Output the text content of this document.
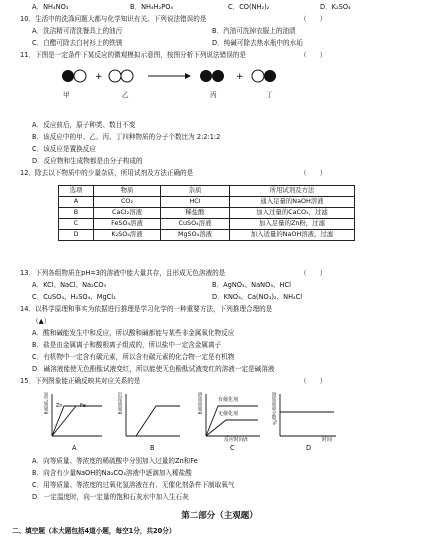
A．NH₄NO₃	B．NH₄H₂PO₄	C．CO(NH₂)₂	D．K₂SO₄
10．生活中的洗涤问题大都与化学知识有关。下列说法错误的是	（　　）
A．洗洁精可清洗餐具上的油污	B．汽油可洗掉衣服上的油渍
C．白醋可除去白衬衫上的铁锈	D．纯碱可除去热水瓶中的水垢
11．下图是一定条件下某反应的微观模拟示意图，按图分析下列说法错误的是	（　　）
+	+
甲	乙	丙	丁
A．反应前后，原子种类、数目不变
B．该反应中的甲、乙、丙、丁四种物质的分子个数比为 2:2:1:2
C．该反应是置换反应
D．反应物和生成物都是由分子构成的
12．除去以下物质中的少量杂质，所用试剂及方法正确的是	（　　）
选项	物质	杂质	所用试剂及方法
A	CO₂	HCl	通入足量的NaOH溶液
B	CaCl₂溶液	稀盐酸	加入过量的CaCO₃，过滤
C	FeSO₄溶液	CuSO₄溶液	加入足量的Zn粉，过滤
D	K₂SO₄溶液	MgSO₄溶液	加入适量的NaOH溶液，过滤
13．下列各组物质在pH=3的溶液中能大量共存，且形成无色溶液的是	（　　）
A．KCl、NaCl、Na₂CO₃	B．AgNO₃、NaNO₃、HCl
C．CuSO₄、H₂SO₄、MgCl₂	D．KNO₃、Ca(NO₃)₂、NH₄Cl
14．以科学原理和事实为依据进行推理是学习化学的一种重要方法，下列推理合理的是
（▲）
A．酸和碱能发生中和反应，所以酸和碱都能与某些非金属氧化物反应
B．盐是由金属离子和酸根离子组成的，所以盐中一定含金属离子
C．有机物中一定含有碳元素，所以含有碳元素的化合物一定是有机物
D．碱溶液能使无色酚酞试液变红，所以能使无色酚酞试液变红的溶液一定是碱溶液
15．下列图象能正确反映其对应关系的是	（　　）
氢气质量/g	沉淀质量/g	溶质质量/g	溶质质量分数/%
Zn	Fe
有催化剂
无催化剂
反应时间/t	时间
A	B	C	D
A．向等质量、等浓度的稀硫酸中分别加入过量的Zn和Fe
B．向含有少量NaOH的Na₂CO₃溶液中逐滴加入稀盐酸
C．用等质量、等浓度的过氧化氢溶液在有、无催化剂条件下制取氧气
D．一定温度时，向一定量的饱和石灰水中加入生石灰
第二部分（主观题）
二、填空题（本大题包括4道小题，每空1分，共20分）
